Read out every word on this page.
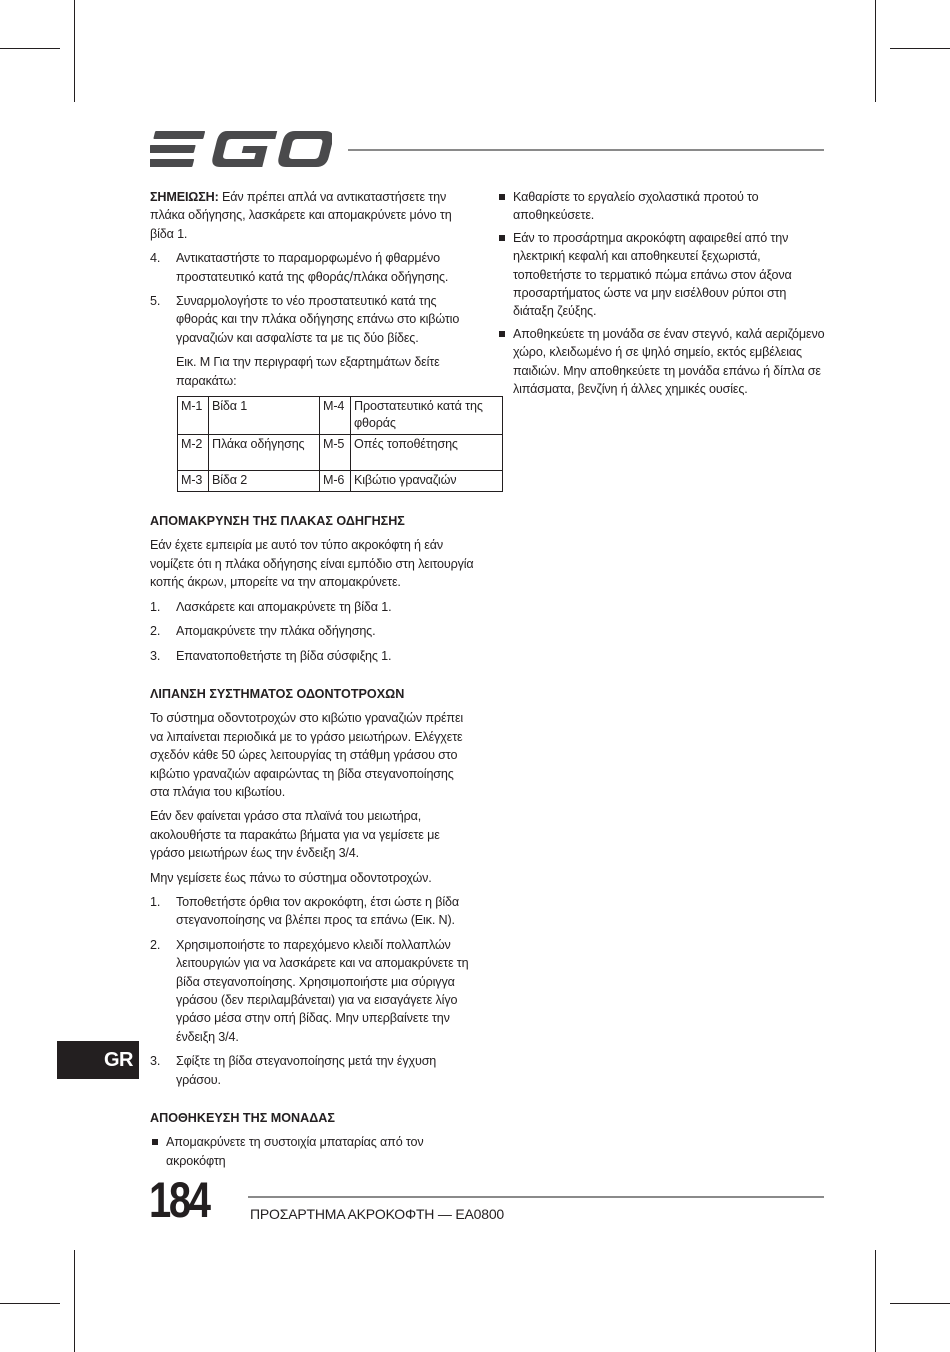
ΣΗΜΕΙΩΣΗ: Εάν πρέπει απλά να αντικαταστήσετε την πλάκα οδήγησης, λασκάρετε και απομακρύνετε μόνο τη βίδα 1.

4. Αντικαταστήστε το παραμορφωμένο ή φθαρμένο προστατευτικό κατά της φθοράς/πλάκα οδήγησης.
5. Συναρμολογήστε το νέο προστατευτικό κατά της φθοράς και την πλάκα οδήγησης επάνω στο κιβώτιο γραναζιών και ασφαλίστε τα με τις δύο βίδες.

Εικ. M Για την περιγραφή των εξαρτημάτων δείτε παρακάτω:

M-1	Βίδα 1	M-4	Προστατευτικό κατά της φθοράς
M-2	Πλάκα οδήγησης	M-5	Οπές τοποθέτησης
M-3	Βίδα 2	M-6	Κιβώτιο γραναζιών
ΑΠΟΜΑΚΡΥΝΣΗ ΤΗΣ ΠΛΑΚΑΣ ΟΔΗΓΗΣΗΣ

Εάν έχετε εμπειρία με αυτό τον τύπο ακροκόφτη ή εάν νομίζετε ότι η πλάκα οδήγησης είναι εμπόδιο στη λειτουργία κοπής άκρων, μπορείτε να την απομακρύνετε.

1. Λασκάρετε και απομακρύνετε τη βίδα 1.
2. Απομακρύνετε την πλάκα οδήγησης.
3. Επανατοποθετήστε τη βίδα σύσφιξης 1.
ΛΙΠΑΝΣΗ ΣΥΣΤΗΜΑΤΟΣ ΟΔΟΝΤΟΤΡΟΧΩΝ

Το σύστημα οδοντοτροχών στο κιβώτιο γραναζιών πρέπει να λιπαίνεται περιοδικά με το γράσο μειωτήρων. Ελέγχετε σχεδόν κάθε 50 ώρες λειτουργίας τη στάθμη γράσου στο κιβώτιο γραναζιών αφαιρώντας τη βίδα στεγανοποίησης στα πλάγια του κιβωτίου.

Εάν δεν φαίνεται γράσο στα πλαϊνά του μειωτήρα, ακολουθήστε τα παρακάτω βήματα για να γεμίσετε με γράσο μειωτήρων έως την ένδειξη 3/4.

Μην γεμίσετε έως πάνω το σύστημα οδοντοτροχών.

1. Τοποθετήστε όρθια τον ακροκόφτη, έτσι ώστε η βίδα στεγανοποίησης να βλέπει προς τα επάνω (Εικ. N).
2. Χρησιμοποιήστε το παρεχόμενο κλειδί πολλαπλών λειτουργιών για να λασκάρετε και να απομακρύνετε τη βίδα στεγανοποίησης. Χρησιμοποιήστε μια σύριγγα γράσου (δεν περιλαμβάνεται) για να εισαγάγετε λίγο γράσο μέσα στην οπή βίδας. Μην υπερβαίνετε την ένδειξη 3/4.
3. Σφίξτε τη βίδα στεγανοποίησης μετά την έγχυση γράσου.
ΑΠΟΘΗΚΕΥΣΗ ΤΗΣ ΜΟΝΑΔΑΣ
Απομακρύνετε τη συστοιχία μπαταρίας από τον ακροκόφτη
Καθαρίστε το εργαλείο σχολαστικά προτού το αποθηκεύσετε.
Εάν το προσάρτημα ακροκόφτη αφαιρεθεί από την ηλεκτρική κεφαλή και αποθηκευτεί ξεχωριστά, τοποθετήστε το τερματικό πώμα επάνω στον άξονα προσαρτήματος ώστε να μην εισέλθουν ρύποι στη διάταξη ζεύξης.
Αποθηκεύετε τη μονάδα σε έναν στεγνό, καλά αεριζόμενο χώρο, κλειδωμένο ή σε ψηλό σημείο, εκτός εμβέλειας παιδιών. Μην αποθηκεύετε τη μονάδα επάνω ή δίπλα σε λιπάσματα, βενζίνη ή άλλες χημικές ουσίες.
GR
184	ΠΡΟΣΑΡΤΗΜΑ ΑΚΡΟΚΟΦΤΗ — EA0800
